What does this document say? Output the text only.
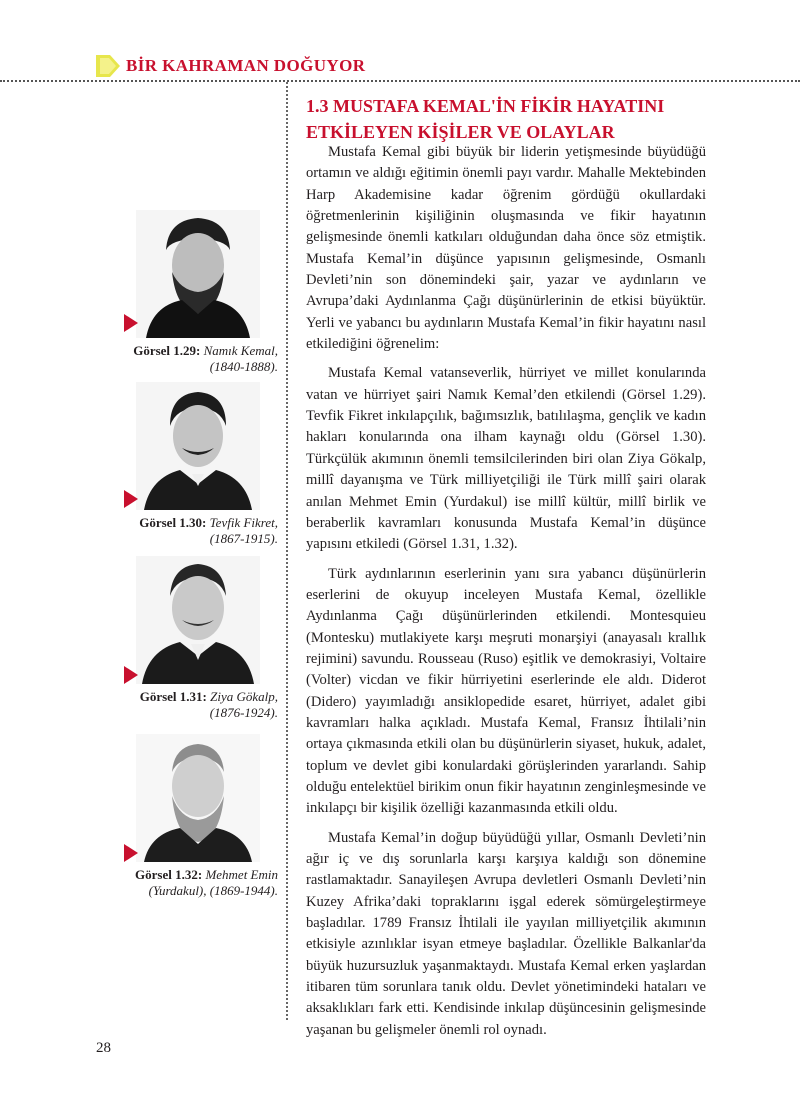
BİR KAHRAMAN DOĞUYOR
1.3 MUSTAFA KEMAL'İN FİKİR HAYATINI
ETKİLEYEN KİŞİLER VE OLAYLAR

Mustafa Kemal gibi büyük bir liderin yetişmesinde büyüdüğü ortamın ve aldığı eğitimin önemli payı vardır. Mahalle Mektebinden Harp Akademisine kadar öğrenim gördüğü okullardaki öğretmenlerinin kişiliğinin oluşmasında ve fikir hayatının gelişmesinde önemli katkıları olduğundan daha önce söz etmiştik. Mustafa Kemal’in düşünce yapısının gelişmesinde, Osmanlı Devleti’nin son dönemindeki şair, yazar ve aydınların ve Avrupa’daki Aydınlanma Çağı düşünürlerinin de etkisi büyüktür. Yerli ve yabancı bu aydınların Mustafa Kemal’in fikir hayatını nasıl etkilediğini öğrenelim:

Mustafa Kemal vatanseverlik, hürriyet ve millet konularında vatan ve hürriyet şairi Namık Kemal’den etkilendi (Görsel 1.29). Tevfik Fikret inkılapçılık, bağımsızlık, batılılaşma, gençlik ve kadın hakları konularında ona ilham kaynağı oldu (Görsel 1.30). Türkçülük akımının önemli temsilcilerinden biri olan Ziya Gökalp, millî dayanışma ve Türk milliyetçiliği ile Türk millî şairi olarak anılan Mehmet Emin (Yurdakul) ise millî kültür, millî birlik ve beraberlik kavramları konusunda Mustafa Kemal’in düşünce yapısını etkiledi (Görsel 1.31, 1.32).

Türk aydınlarının eserlerinin yanı sıra yabancı düşünürlerin eserlerini de okuyup inceleyen Mustafa Kemal, özellikle Aydınlanma Çağı düşünürlerinden etkilendi. Montesquieu (Montesku) mutlakiyete karşı meşruti monarşiyi (anayasalı krallık rejimini) savundu. Rousseau (Ruso) eşitlik ve demokrasiyi, Voltaire (Volter) vicdan ve fikir hürriyetini eserlerinde ele aldı. Diderot (Didero) yayımladığı ansiklopedide esaret, hürriyet, adalet gibi kavramları halka açıkladı. Mustafa Kemal, Fransız İhtilali’nin ortaya çıkmasında etkili olan bu düşünürlerin siyaset, hukuk, adalet, toplum ve devlet gibi konulardaki görüşlerinden yararlandı. Sahip olduğu entelektüel birikim onun fikir hayatının zenginleşmesinde ve inkılapçı bir kişilik özelliği kazanmasında etkili oldu.

Mustafa Kemal’in doğup büyüdüğü yıllar, Osmanlı Devleti’nin ağır iç ve dış sorunlarla karşı karşıya kaldığı son dönemine rastlamaktadır. Sanayileşen Avrupa devletleri Osmanlı Devleti’nin Kuzey Afrika’daki topraklarını işgal ederek sömürgeleştirmeye başladılar. 1789 Fransız İhtilali ile yayılan milliyetçilik akımının etkisiyle azınlıklar isyan etmeye başladılar. Özellikle Balkanlar'da büyük huzursuzluk yaşanmaktaydı. Mustafa Kemal erken yaşlardan itibaren tüm sorunlara tanık oldu. Devlet yönetimindeki hataları ve aksaklıkları fark etti. Kendisinde inkılap düşüncesinin gelişmesinde yaşanan bu gelişmeler önemli rol oynadı.

Görsel 1.29: Namık Kemal,
(1840-1888).
Görsel 1.30: Tevfik Fikret,
(1867-1915).
Görsel 1.31: Ziya Gökalp,
(1876-1924).
Görsel 1.32: Mehmet Emin
(Yurdakul), (1869-1944).
28
